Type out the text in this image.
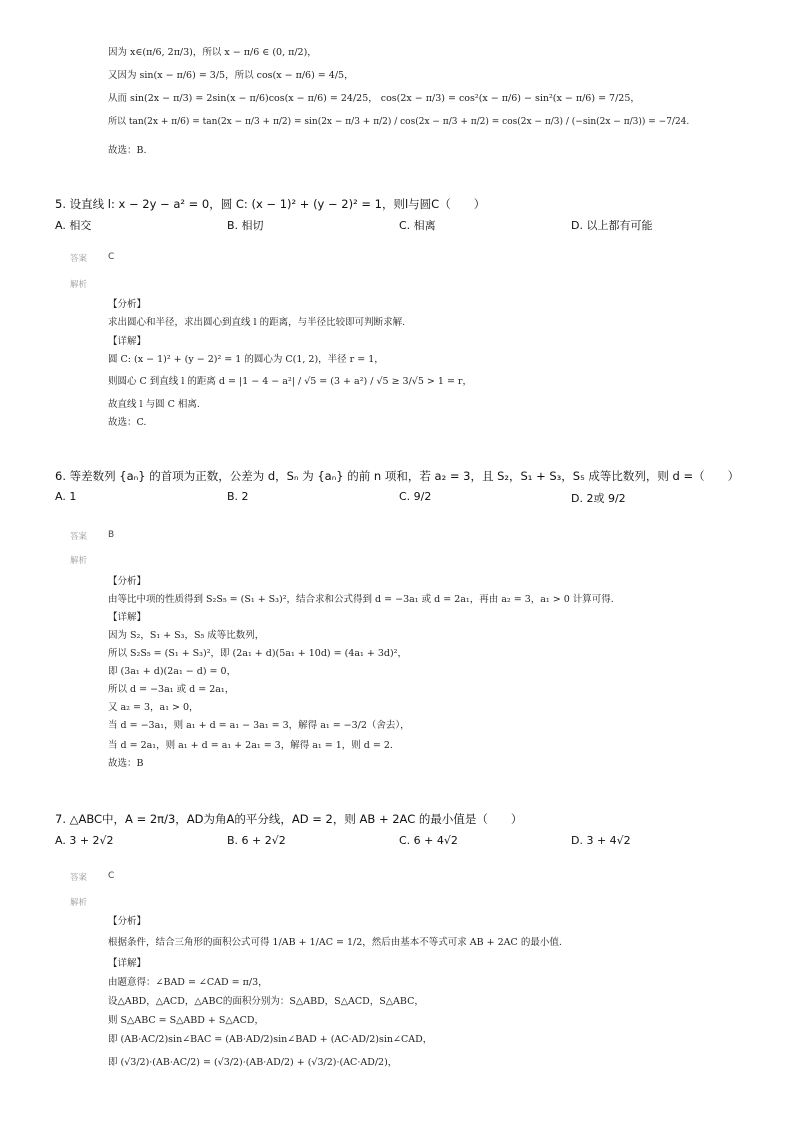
因为 x∈(π/6, 2π/3)，所以 x − π/6 ∈ (0, π/2)，
又因为 sin(x − π/6) = 3/5，所以 cos(x − π/6) = 4/5，
从而 sin(2x − π/3) = 2sin(x − π/6)cos(x − π/6) = 24/25， cos(2x − π/3) = cos²(x − π/6) − sin²(x − π/6) = 7/25，
所以 tan(2x + π/6) = tan(2x − π/3 + π/2) = sin(2x − π/3 + π/2) / cos(2x − π/3 + π/2) = cos(2x − π/3) / (−sin(2x − π/3)) = −7/24.
故选：B.
5. 设直线 l: x − 2y − a² = 0，圆 C: (x − 1)² + (y − 2)² = 1，则l与圆C（　　）
A. 相交	B. 相切	C. 相离	D. 以上都有可能
答案 C
解析
【分析】
求出圆心和半径，求出圆心到直线 l 的距离，与半径比较即可判断求解.
【详解】
圆 C: (x − 1)² + (y − 2)² = 1 的圆心为 C(1, 2)，半径 r = 1，
则圆心 C 到直线 l 的距离 d = |1 − 4 − a²| / √5 = (3 + a²) / √5 ≥ 3/√5 > 1 = r，
故直线 l 与圆 C 相离.
故选：C.
6. 等差数列 {aₙ} 的首项为正数，公差为 d，Sₙ 为 {aₙ} 的前 n 项和，若 a₂ = 3，且 S₂，S₁ + S₃，S₅ 成等比数列，则 d =（　　）
A. 1	B. 2	C. 9/2	D. 2或 9/2
答案 B
解析
【分析】
由等比中项的性质得到 S₂S₅ = (S₁ + S₃)²，结合求和公式得到 d = −3a₁ 或 d = 2a₁，再由 a₂ = 3，a₁ > 0 计算可得.
【详解】
因为 S₂，S₁ + S₃，S₅ 成等比数列，
所以 S₂S₅ = (S₁ + S₃)²，即 (2a₁ + d)(5a₁ + 10d) = (4a₁ + 3d)²，
即 (3a₁ + d)(2a₁ − d) = 0，
所以 d = −3a₁ 或 d = 2a₁，
又 a₂ = 3，a₁ > 0，
当 d = −3a₁，则 a₁ + d = a₁ − 3a₁ = 3，解得 a₁ = −3/2（舍去），
当 d = 2a₁，则 a₁ + d = a₁ + 2a₁ = 3，解得 a₁ = 1，则 d = 2.
故选：B
7. △ABC中，A = 2π/3，AD为角A的平分线，AD = 2，则 AB + 2AC 的最小值是（　　）
A. 3 + 2√2	B. 6 + 2√2	C. 6 + 4√2	D. 3 + 4√2
答案 C
解析
【分析】
根据条件，结合三角形的面积公式可得 1/AB + 1/AC = 1/2，然后由基本不等式可求 AB + 2AC 的最小值.
【详解】
由题意得：∠BAD = ∠CAD = π/3，
设△ABD，△ACD，△ABC的面积分别为：S△ABD，S△ACD，S△ABC，
则 S△ABC = S△ABD + S△ACD，
即 (AB·AC/2)sin∠BAC = (AB·AD/2)sin∠BAD + (AC·AD/2)sin∠CAD，
即 (√3/2)·(AB·AC/2) = (√3/2)·(AB·AD/2) + (√3/2)·(AC·AD/2)，
